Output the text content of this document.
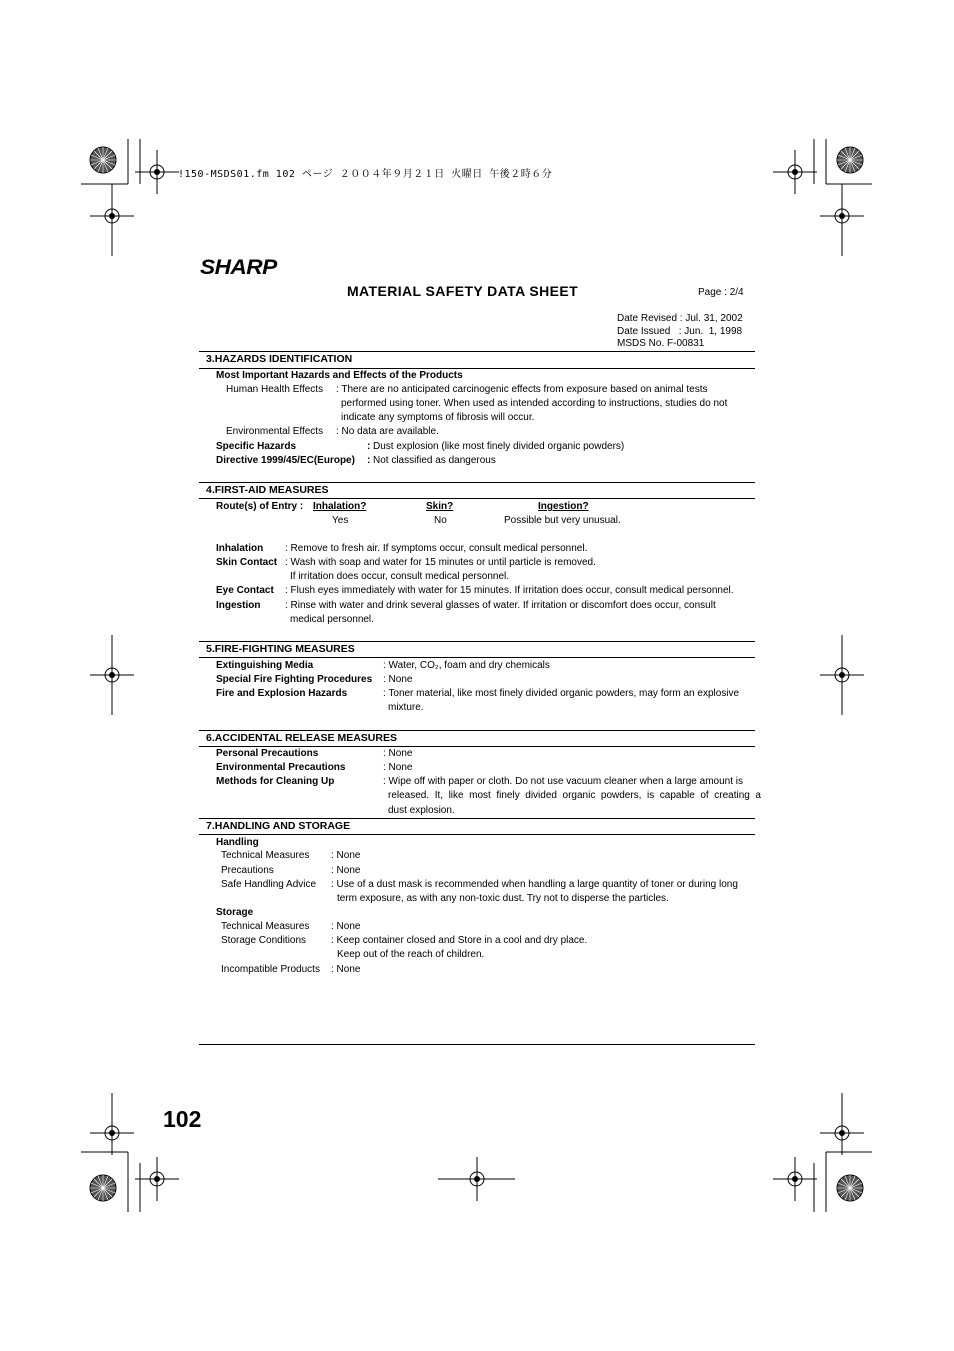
!150-MSDS01.fm 102 ページ ２００４年９月２１日 火曜日 午後２時６分
SHARP
MATERIAL SAFETY DATA SHEET	Page : 2/4
Date Revised : Jul. 31, 2002
Date Issued   : Jun.  1, 1998
MSDS No. F-00831
3.HAZARDS IDENTIFICATION
Most Important Hazards and Effects of the Products
Human Health Effects : There are no anticipated carcinogenic effects from exposure based on animal tests
performed using toner. When used as intended according to instructions, studies do not
indicate any symptoms of fibrosis will occur.
Environmental Effects : No data are available.
Specific Hazards	: Dust explosion (like most finely divided organic powders)
Directive 1999/45/EC(Europe) : Not classified as dangerous
4.FIRST-AID MEASURES
Route(s) of Entry : Inhalation?	Skin?	Ingestion?
Yes	No	Possible but very unusual.
Inhalation : Remove to fresh air. If symptoms occur, consult medical personnel.
Skin Contact : Wash with soap and water for 15 minutes or until particle is removed.
If irritation does occur, consult medical personnel.
Eye Contact : Flush eyes immediately with water for 15 minutes. If irritation does occur, consult medical personnel.
Ingestion : Rinse with water and drink several glasses of water. If irritation or discomfort does occur, consult
medical personnel.
5.FIRE-FIGHTING MEASURES
Extinguishing Media	: Water, CO₂, foam and dry chemicals
Special Fire Fighting Procedures : None
Fire and Explosion Hazards	: Toner material, like most finely divided organic powders, may form an explosive
mixture.
6.ACCIDENTAL RELEASE MEASURES
Personal Precautions	: None
Environmental Precautions	: None
Methods for Cleaning Up	: Wipe off with paper or cloth. Do not use vacuum cleaner when a large amount is
released.  It,  like  most  finely  divided  organic  powders,  is  capable  of  creating  a
dust explosion.
7.HANDLING AND STORAGE
Handling
Technical Measures : None
Precautions	: None
Safe Handling Advice : Use of a dust mask is recommended when handling a large quantity of toner or during long
term exposure, as with any non-toxic dust. Try not to disperse the particles.
Storage
Technical Measures : None
Storage Conditions : Keep container closed and Store in a cool and dry place.
Keep out of the reach of children.
Incompatible Products : None
102
